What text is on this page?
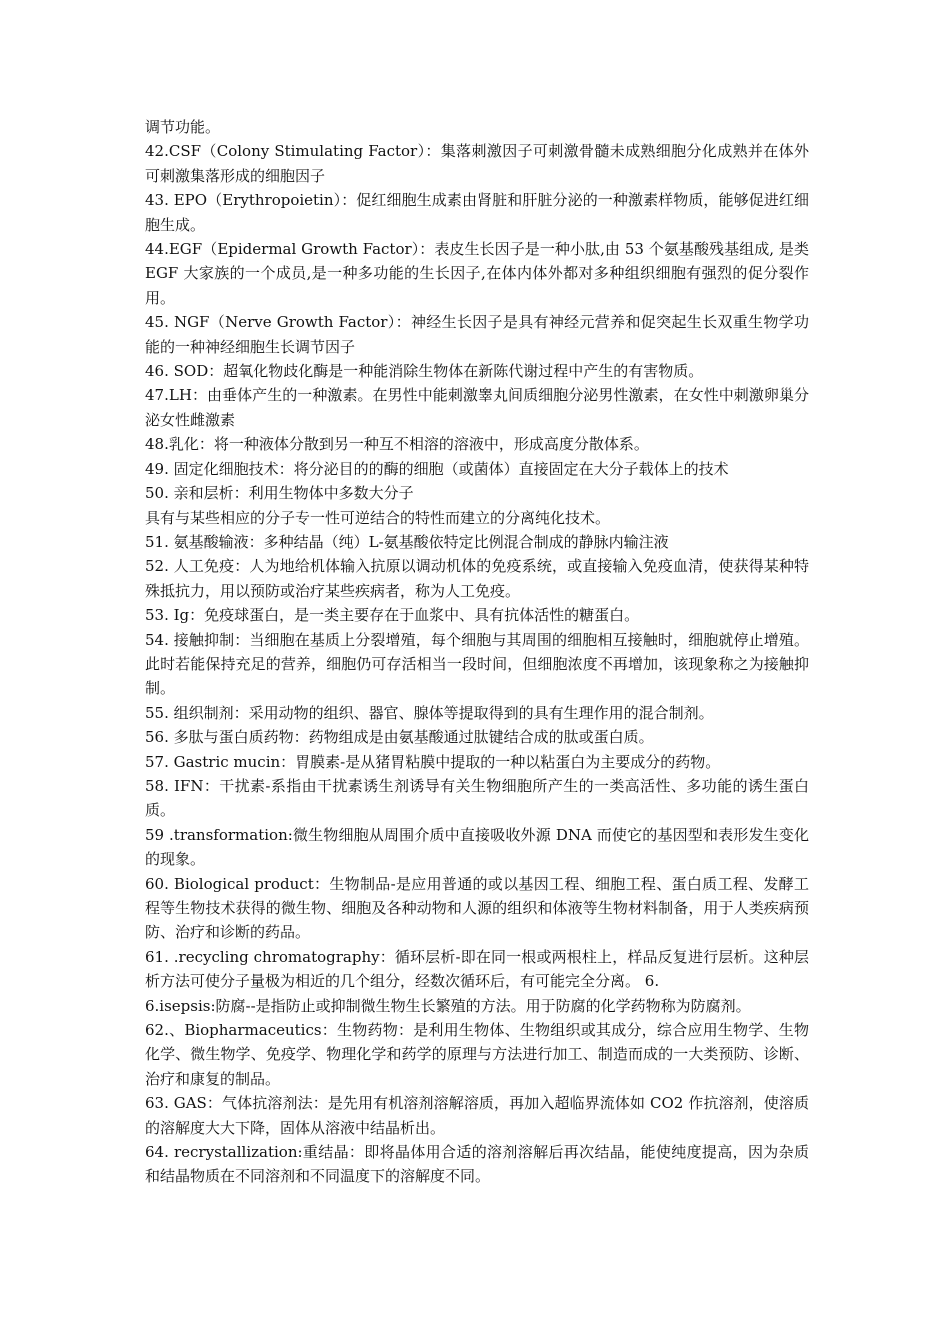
调节功能。

42.CSF（Colony Stimulating Factor）：集落刺激因子可刺激骨髓未成熟细胞分化成熟并在体外可刺激集落形成的细胞因子

43. EPO（Erythropoietin）：促红细胞生成素由肾脏和肝脏分泌的一种激素样物质，能够促进红细胞生成。

44.EGF（Epidermal Growth Factor）：表皮生长因子是一种小肽,由 53 个氨基酸残基组成, 是类 EGF 大家族的一个成员,是一种多功能的生长因子,在体内体外都对多种组织细胞有强烈的促分裂作用。

45. NGF（Nerve Growth Factor）：神经生长因子是具有神经元营养和促突起生长双重生物学功能的一种神经细胞生长调节因子

46. SOD：超氧化物歧化酶是一种能消除生物体在新陈代谢过程中产生的有害物质。

47.LH：由垂体产生的一种激素。在男性中能刺激睾丸间质细胞分泌男性激素，在女性中刺激卵巢分泌女性雌激素

48.乳化：将一种液体分散到另一种互不相溶的溶液中，形成高度分散体系。

49. 固定化细胞技术：将分泌目的的酶的细胞（或菌体）直接固定在大分子载体上的技术

50. 亲和层析：利用生物体中多数大分子

具有与某些相应的分子专一性可逆结合的特性而建立的分离纯化技术。

51. 氨基酸输液：多种结晶（纯）L-氨基酸依特定比例混合制成的静脉内输注液

52. 人工免疫：人为地给机体输入抗原以调动机体的免疫系统，或直接输入免疫血清，使获得某种特殊抵抗力，用以预防或治疗某些疾病者，称为人工免疫。

53. Ig：免疫球蛋白，是一类主要存在于血浆中、具有抗体活性的糖蛋白。

54. 接触抑制：当细胞在基质上分裂增殖，每个细胞与其周围的细胞相互接触时，细胞就停止增殖。此时若能保持充足的营养，细胞仍可存活相当一段时间，但细胞浓度不再增加，该现象称之为接触抑制。

55. 组织制剂：采用动物的组织、器官、腺体等提取得到的具有生理作用的混合制剂。

56. 多肽与蛋白质药物：药物组成是由氨基酸通过肽键结合成的肽或蛋白质。

57. Gastric mucin：胃膜素-是从猪胃粘膜中提取的一种以粘蛋白为主要成分的药物。

58. IFN：干扰素-系指由干扰素诱生剂诱导有关生物细胞所产生的一类高活性、多功能的诱生蛋白质。

59 .transformation:微生物细胞从周围介质中直接吸收外源 DNA 而使它的基因型和表形发生变化的现象。

60. Biological product：生物制品-是应用普通的或以基因工程、细胞工程、蛋白质工程、发酵工程等生物技术获得的微生物、细胞及各种动物和人源的组织和体液等生物材料制备，用于人类疾病预防、治疗和诊断的药品。

61. .recycling chromatography：循环层析-即在同一根或两根柱上，样品反复进行层析。这种层析方法可使分子量极为相近的几个组分，经数次循环后，有可能完全分离。 6.

6.isepsis:防腐--是指防止或抑制微生物生长繁殖的方法。用于防腐的化学药物称为防腐剂。

62.、Biopharmaceutics：生物药物：是利用生物体、生物组织或其成分，综合应用生物学、生物化学、微生物学、免疫学、物理化学和药学的原理与方法进行加工、制造而成的一大类预防、诊断、治疗和康复的制品。

63. GAS：气体抗溶剂法：是先用有机溶剂溶解溶质，再加入超临界流体如 CO2 作抗溶剂，使溶质的溶解度大大下降，固体从溶液中结晶析出。

64. recrystallization:重结晶：即将晶体用合适的溶剂溶解后再次结晶，能使纯度提高，因为杂质和结晶物质在不同溶剂和不同温度下的溶解度不同。
